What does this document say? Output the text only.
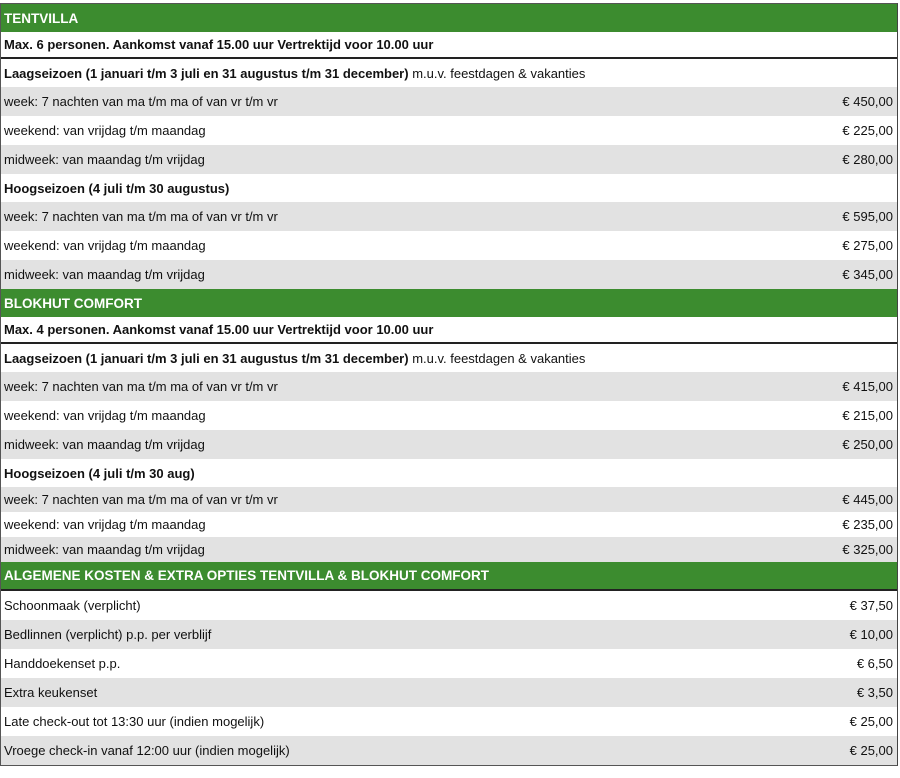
TENTVILLA
Max. 6 personen. Aankomst vanaf 15.00 uur Vertrektijd voor 10.00 uur
Laagseizoen (1 januari t/m 3 juli en 31 augustus t/m 31 december) m.u.v. feestdagen & vakanties
week: 7 nachten van ma t/m ma of van vr t/m vr	€ 450,00
weekend: van vrijdag t/m maandag	€ 225,00
midweek: van maandag t/m vrijdag	€ 280,00
Hoogseizoen (4 juli t/m 30 augustus)
week: 7 nachten van ma t/m ma of van vr t/m vr	€ 595,00
weekend: van vrijdag t/m maandag	€ 275,00
midweek: van maandag t/m vrijdag	€ 345,00
BLOKHUT COMFORT
Max. 4 personen. Aankomst vanaf 15.00 uur Vertrektijd voor 10.00 uur
Laagseizoen (1 januari t/m 3 juli en 31 augustus t/m 31 december) m.u.v. feestdagen & vakanties
week: 7 nachten van ma t/m ma of van vr t/m vr	€ 415,00
weekend: van vrijdag t/m maandag	€ 215,00
midweek: van maandag t/m vrijdag	€ 250,00
Hoogseizoen (4 juli t/m 30 aug)
week: 7 nachten van ma t/m ma of van vr t/m vr	€ 445,00
weekend: van vrijdag t/m maandag	€ 235,00
midweek: van maandag t/m vrijdag	€ 325,00
ALGEMENE KOSTEN & EXTRA OPTIES TENTVILLA & BLOKHUT COMFORT
Schoonmaak (verplicht)	€ 37,50
Bedlinnen (verplicht) p.p. per verblijf	€ 10,00
Handdoekenset p.p.	€ 6,50
Extra keukenset	€ 3,50
Late check-out tot 13:30 uur (indien mogelijk)	€ 25,00
Vroege check-in vanaf 12:00 uur (indien mogelijk)	€ 25,00
